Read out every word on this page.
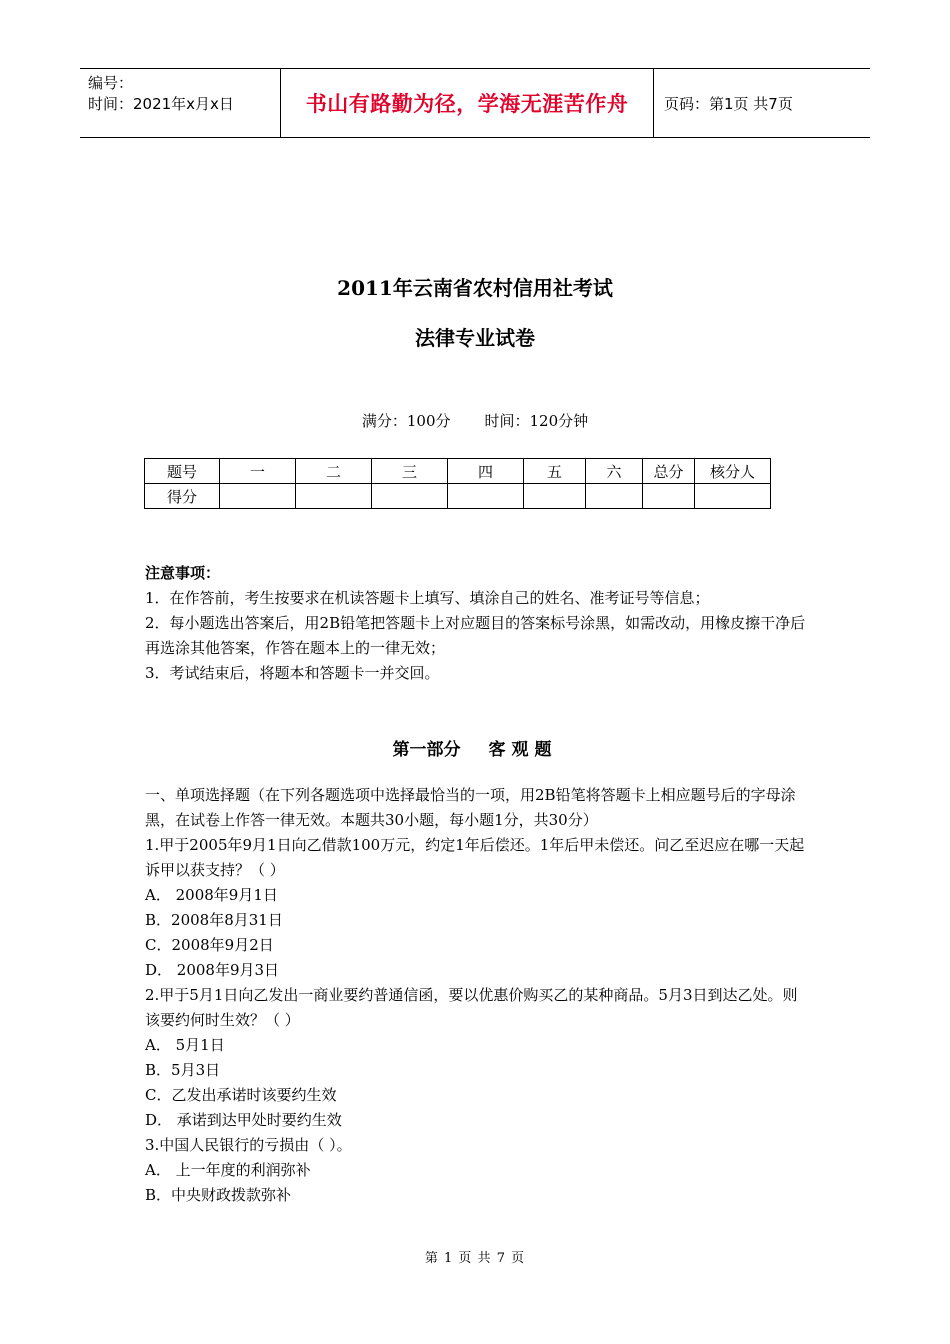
编号：
时间：2021年x月x日	书山有路勤为径，学海无涯苦作舟	页码：第1页 共7页
2011年云南省农村信用社考试
法律专业试卷
满分：100分 时间：120分钟
题号	一	二	三	四	五	六	总分	核分人
得分								
注意事项：
1．在作答前，考生按要求在机读答题卡上填写、填涂自己的姓名、准考证号等信息；
2．每小题选出答案后，用2B铅笔把答题卡上对应题目的答案标号涂黑，如需改动，用橡皮擦干净后再选涂其他答案，作答在题本上的一律无效；
3．考试结束后，将题本和答题卡一并交回。
第一部分 客观题

一、单项选择题（在下列各题选项中选择最恰当的一项，用2B铅笔将答题卡上相应题号后的字母涂黑，在试卷上作答一律无效。本题共30小题，每小题1分，共30分）

1.甲于2005年9月1日向乙借款100万元，约定1年后偿还。1年后甲未偿还。问乙至迟应在哪一天起诉甲以获支持？（ ）

A． 2008年9月1日

B．2008年8月31日

C．2008年9月2日

D． 2008年9月3日

2.甲于5月1日向乙发出一商业要约普通信函，要以优惠价购买乙的某种商品。5月3日到达乙处。则该要约何时生效？（ ）

A． 5月1日

B．5月3日

C．乙发出承诺时该要约生效

D． 承诺到达甲处时要约生效

3.中国人民银行的亏损由（ ）。

A． 上一年度的利润弥补

B．中央财政拨款弥补

第 1 页 共 7 页
